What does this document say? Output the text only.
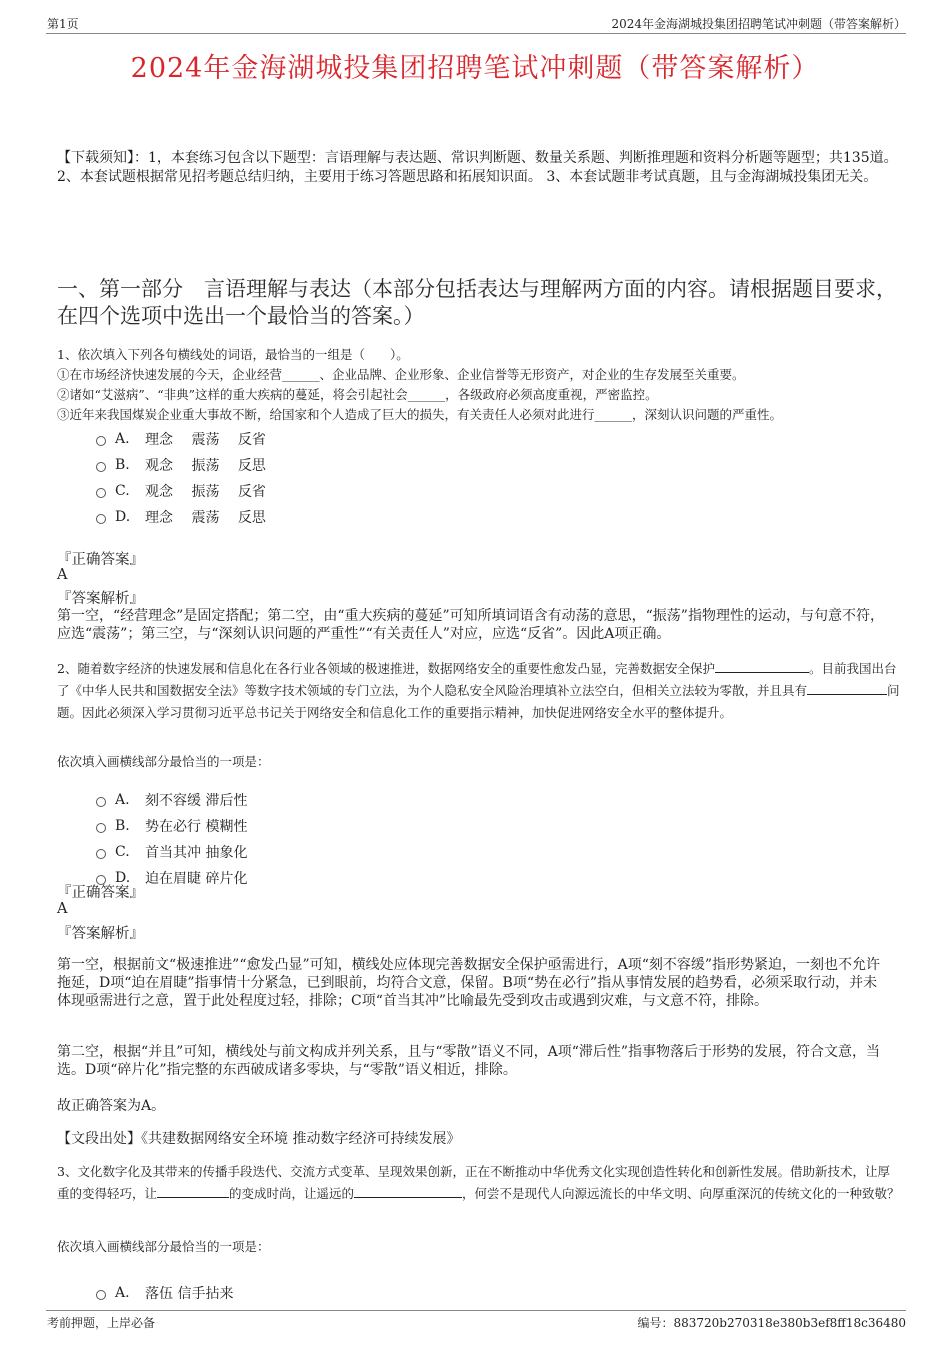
第1页	2024年金海湖城投集团招聘笔试冲刺题（带答案解析）
2024年金海湖城投集团招聘笔试冲刺题（带答案解析）
【下载须知】：1，本套练习包含以下题型：言语理解与表达题、常识判断题、数量关系题、判断推理题和资料分析题等题型；共135道。 2、本套试题根据常见招考题总结归纳，主要用于练习答题思路和拓展知识面。 3、本套试题非考试真题，且与金海湖城投集团无关。
一、第一部分　言语理解与表达（本部分包括表达与理解两方面的内容。请根据题目要求，在四个选项中选出一个最恰当的答案。）

1、依次填入下列各句横线处的词语，最恰当的一组是（　　）。

①在市场经济快速发展的今天，企业经营______、企业品牌、企业形象、企业信誉等无形资产，对企业的生存发展至关重要。

②诸如“艾滋病”、“非典”这样的重大疾病的蔓延，将会引起社会______，各级政府必须高度重视，严密监控。

③近年来我国煤炭企业重大事故不断，给国家和个人造成了巨大的损失，有关责任人必须对此进行______，深刻认识问题的严重性。

A.	理念　 震荡　 反省
B.	观念　 振荡　 反思
C.	观念　 振荡　 反省
D.	理念　 震荡　 反思
『正确答案』
A
『答案解析』
第一空，“经营理念”是固定搭配；第二空，由“重大疾病的蔓延”可知所填词语含有动荡的意思，“振荡”指物理性的运动，与句意不符，应选“震荡”；第三空，与“深刻认识问题的严重性”“有关责任人”对应，应选“反省”。因此A项正确。
2、随着数字经济的快速发展和信息化在各行业各领域的极速推进，数据网络安全的重要性愈发凸显，完善数据安全保护	。目前我国出台了《中华人民共和国数据安全法》等数字技术领域的专门立法，为个人隐私安全风险治理填补立法空白，但相关立法较为零散，并且具有	问题。因此必须深入学习贯彻习近平总书记关于网络安全和信息化工作的重要指示精神，加快促进网络安全水平的整体提升。
依次填入画横线部分最恰当的一项是：
A.	刻不容缓 滞后性
B.	势在必行 模糊性
C.	首当其冲 抽象化
D.	迫在眉睫 碎片化
『正确答案』
A
『答案解析』
第一空，根据前文“极速推进”“愈发凸显”可知，横线处应体现完善数据安全保护亟需进行，A项“刻不容缓”指形势紧迫，一刻也不允许拖延，D项“迫在眉睫”指事情十分紧急，已到眼前，均符合文意，保留。B项“势在必行”指从事情发展的趋势看，必须采取行动，并未体现亟需进行之意，置于此处程度过轻，排除；C项“首当其冲”比喻最先受到攻击或遇到灾难，与文意不符，排除。
第二空，根据“并且”可知，横线处与前文构成并列关系，且与“零散”语义不同，A项“滞后性”指事物落后于形势的发展，符合文意，当选。D项“碎片化”指完整的东西破成诸多零块，与“零散”语义相近，排除。
故正确答案为A。
【文段出处】《共建数据网络安全环境 推动数字经济可持续发展》
3、文化数字化及其带来的传播手段迭代、交流方式变革、呈现效果创新，正在不断推动中华优秀文化实现创造性转化和创新性发展。借助新技术，让厚重的变得轻巧，让	的变成时尚，让遥远的	，何尝不是现代人向源远流长的中华文明、向厚重深沉的传统文化的一种致敬？
依次填入画横线部分最恰当的一项是：
A.	落伍 信手拈来
考前押题，上岸必备	编号：883720b270318e380b3ef8ff18c36480
